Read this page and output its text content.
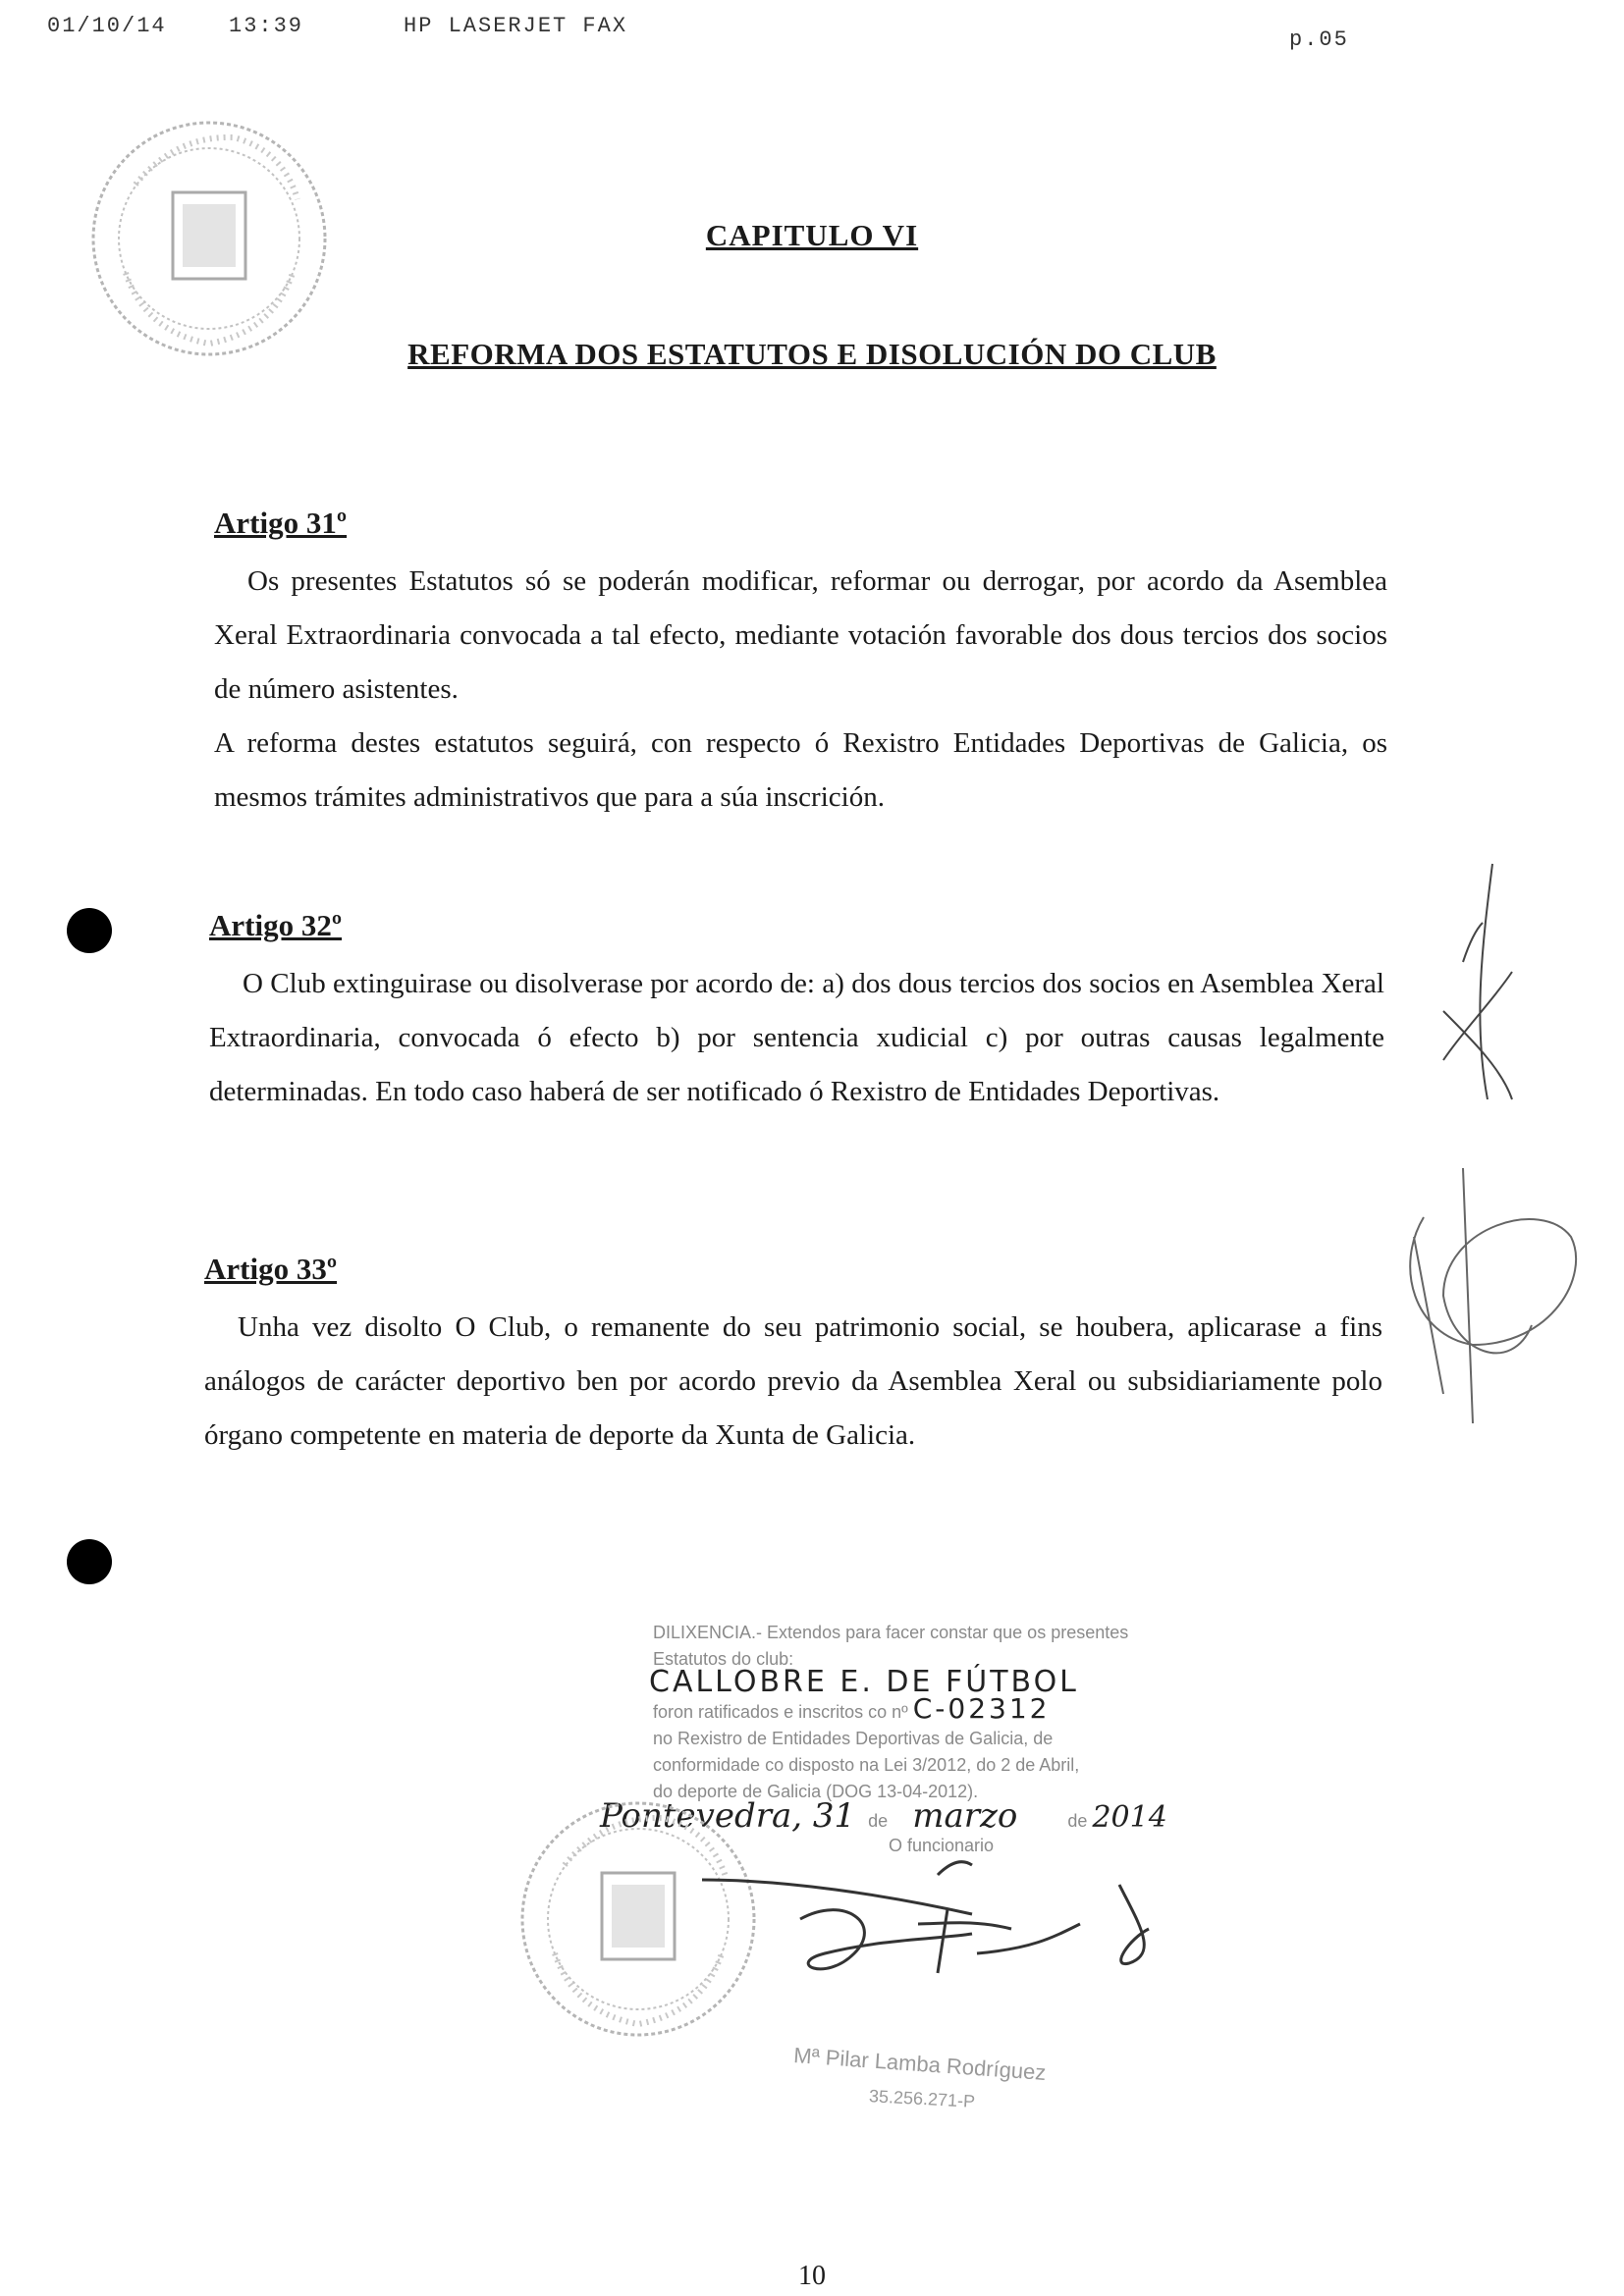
01/10/14	13:39	HP LASERJET FAX
p.05
CAPITULO VI
REFORMA DOS ESTATUTOS E DISOLUCIÓN DO CLUB
Artigo 31º

Os presentes Estatutos só se poderán modificar, reformar ou derrogar, por acordo da Asemblea Xeral Extraordinaria convocada a tal efecto, mediante votación favorable dos dous tercios dos socios de número asistentes.

A reforma destes estatutos seguirá, con respecto ó Rexistro Entidades Deportivas de Galicia, os mesmos trámites administrativos que para a súa inscrición.

Artigo 32º

O Club extinguirase ou disolverase por acordo de: a) dos dous tercios dos socios en Asemblea Xeral Extraordinaria, convocada ó efecto b) por sentencia xudicial c) por outras causas legalmente determinadas. En todo caso haberá de ser notificado ó Rexistro de Entidades Deportivas.

Artigo 33º

Unha vez disolto O Club, o remanente do seu patrimonio social, se houbera, aplicarase a fins análogos de carácter deportivo ben por acordo previo da Asemblea Xeral ou subsidiariamente polo órgano competente en materia de deporte da Xunta de Galicia.

DILIXENCIA.- Extendos para facer constar que os presentes
Estatutos do club:
CALLOBRE E. DE FÚTBOL
foron ratificados e inscritos co nº C-02312
no Rexistro de Entidades Deportivas de Galicia, de
conformidade co disposto na Lei 3/2012, do 2 de Abril,
do deporte de Galicia (DOG 13-04-2012).
Pontevedra, 31 de marzo	de 2014
O funcionario
Mª Pilar Lamba Rodríguez
35.256.271-P
10
